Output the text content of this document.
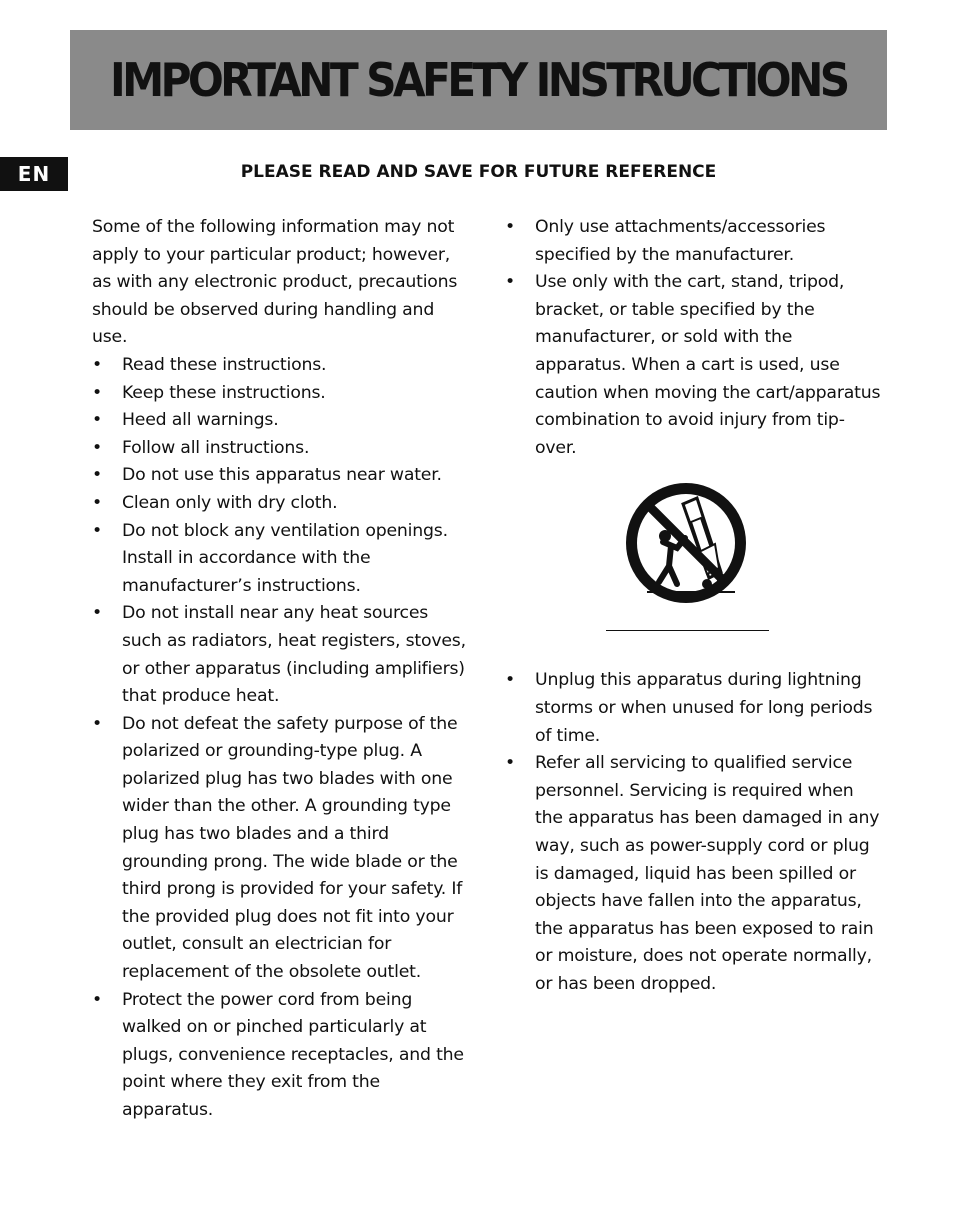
IMPORTANT SAFETY INSTRUCTIONS
EN	PLEASE READ AND SAVE FOR FUTURE REFERENCE

Some of the following information may not apply to your particular product; however, as with any electronic product, precautions should be observed during handling and use.

• Read these instructions.
• Keep these instructions.
• Heed all warnings.
• Follow all instructions.
• Do not use this apparatus near water.
• Clean only with dry cloth.
• Do not block any ventilation openings. Install in accordance with the manufacturer’s instructions.
• Do not install near any heat sources such as radiators, heat registers, stoves, or other apparatus (including amplifiers) that produce heat.
• Do not defeat the safety purpose of the polarized or grounding-type plug. A polarized plug has two blades with one wider than the other. A grounding type plug has two blades and a third grounding prong. The wide blade or the third prong is provided for your safety. If the provided plug does not fit into your outlet, consult an electrician for replacement of the obsolete outlet.
• Protect the power cord from being walked on or pinched particularly at plugs, convenience receptacles, and the point where they exit from the apparatus.
• Only use attachments/accessories specified by the manufacturer.
• Use only with the cart, stand, tripod, bracket, or table specified by the manufacturer, or sold with the apparatus. When a cart is used, use caution when moving the cart/apparatus combination to avoid injury from tip-over.
• Unplug this apparatus during lightning storms or when unused for long periods of time.
• Refer all servicing to qualified service personnel. Servicing is required when the apparatus has been damaged in any way, such as power-supply cord or plug is damaged, liquid has been spilled or objects have fallen into the apparatus, the apparatus has been exposed to rain or moisture, does not operate normally, or has been dropped.
